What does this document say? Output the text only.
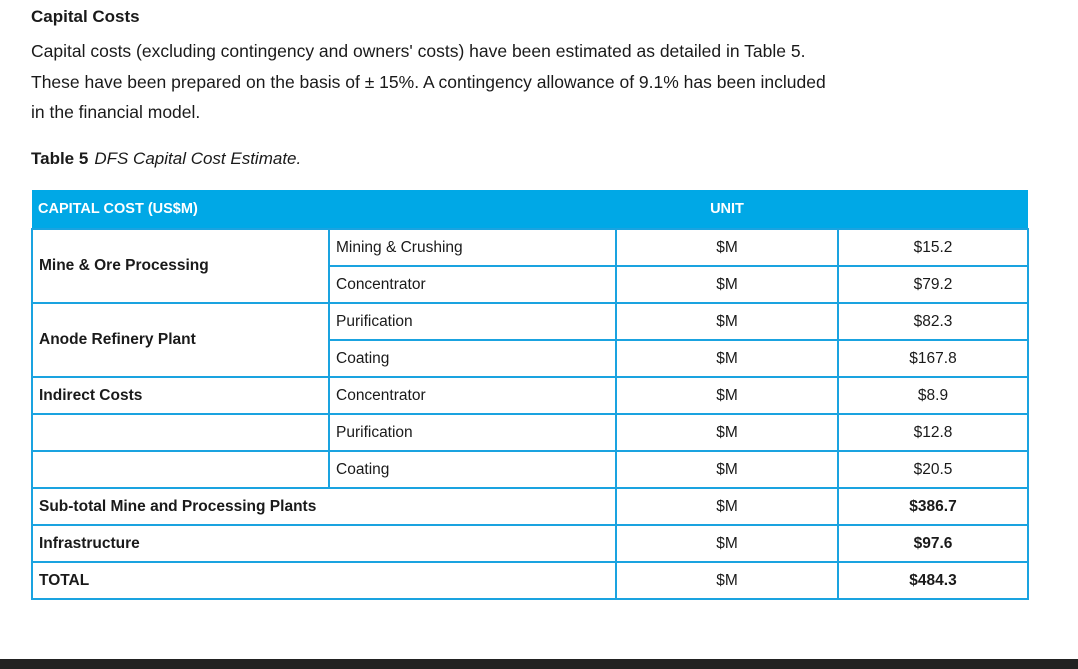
Capital Costs
Capital costs (excluding contingency and owners' costs) have been estimated as detailed in Table 5.
These have been prepared on the basis of ± 15%. A contingency allowance of 9.1% has been included
in the financial model.
Table 5 DFS Capital Cost Estimate.
CAPITAL COST (US$M)		UNIT	
Mine & Ore Processing	Mining & Crushing	$M	$15.2
	Concentrator	$M	$79.2
Anode Refinery Plant	Purification	$M	$82.3
	Coating	$M	$167.8
Indirect Costs	Concentrator	$M	$8.9
	Purification	$M	$12.8
	Coating	$M	$20.5
Sub-total Mine and Processing Plants		$M	$386.7
Infrastructure		$M	$97.6
TOTAL		$M	$484.3
